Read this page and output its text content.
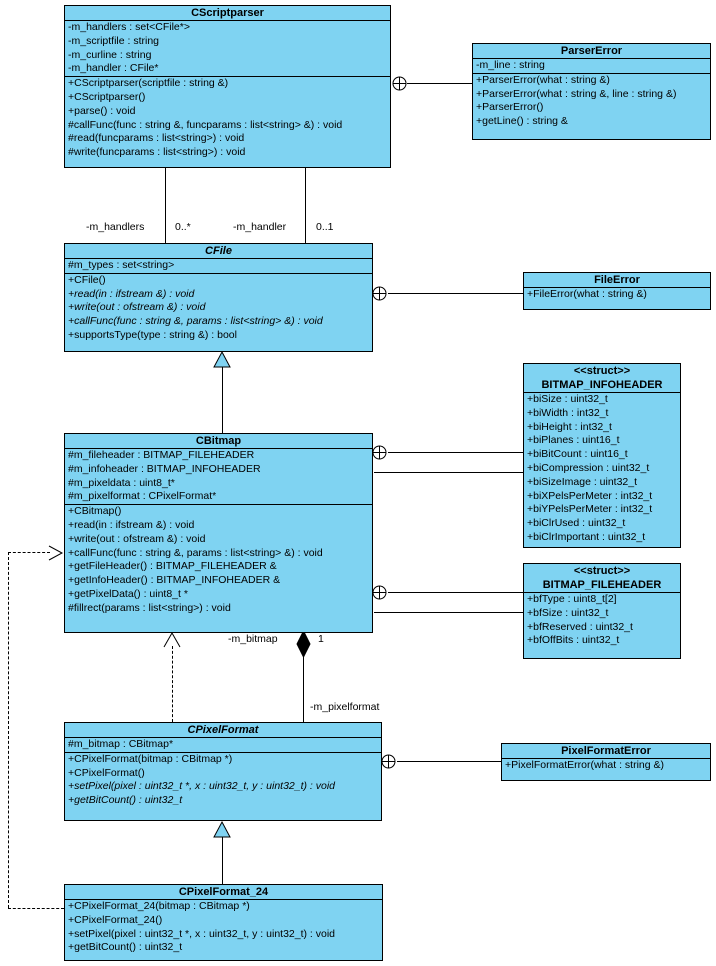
-m_handlers	0..*	-m_handler	0..1
-m_bitmap	1
-m_pixelformat
CScriptparser
-m_handlers : set<CFile*>
-m_scriptfile : string
-m_curline : string
-m_handler : CFile*
+CScriptparser(scriptfile : string &)
+CScriptparser()
+parse() : void
#callFunc(func : string &, funcparams : list<string> &) : void
#read(funcparams : list<string>) : void
#write(funcparams : list<string>) : void
ParserError
-m_line : string
+ParserError(what : string &)
+ParserError(what : string &, line : string &)
+ParserError()
+getLine() : string &
CFile
#m_types : set<string>
+CFile()
+read(in : ifstream &) : void
+write(out : ofstream &) : void
+callFunc(func : string &, params : list<string> &) : void
+supportsType(type : string &) : bool
FileError
+FileError(what : string &)
CBitmap
#m_fileheader : BITMAP_FILEHEADER
#m_infoheader : BITMAP_INFOHEADER
#m_pixeldata : uint8_t*
#m_pixelformat : CPixelFormat*
+CBitmap()
+read(in : ifstream &) : void
+write(out : ofstream &) : void
+callFunc(func : string &, params : list<string> &) : void
+getFileHeader() : BITMAP_FILEHEADER &
+getInfoHeader() : BITMAP_INFOHEADER &
+getPixelData() : uint8_t *
#fillrect(params : list<string>) : void
<<struct>>
BITMAP_INFOHEADER
+biSize : uint32_t
+biWidth : int32_t
+biHeight : int32_t
+biPlanes : uint16_t
+biBitCount : uint16_t
+biCompression : uint32_t
+biSizeImage : uint32_t
+biXPelsPerMeter : int32_t
+biYPelsPerMeter : int32_t
+biClrUsed : uint32_t
+biClrImportant : uint32_t
<<struct>>
BITMAP_FILEHEADER
+bfType : uint8_t[2]
+bfSize : uint32_t
+bfReserved : uint32_t
+bfOffBits : uint32_t
CPixelFormat
#m_bitmap : CBitmap*
+CPixelFormat(bitmap : CBitmap *)
+CPixelFormat()
+setPixel(pixel : uint32_t *, x : uint32_t, y : uint32_t) : void
+getBitCount() : uint32_t
PixelFormatError
+PixelFormatError(what : string &)
CPixelFormat_24
+CPixelFormat_24(bitmap : CBitmap *)
+CPixelFormat_24()
+setPixel(pixel : uint32_t *, x : uint32_t, y : uint32_t) : void
+getBitCount() : uint32_t
